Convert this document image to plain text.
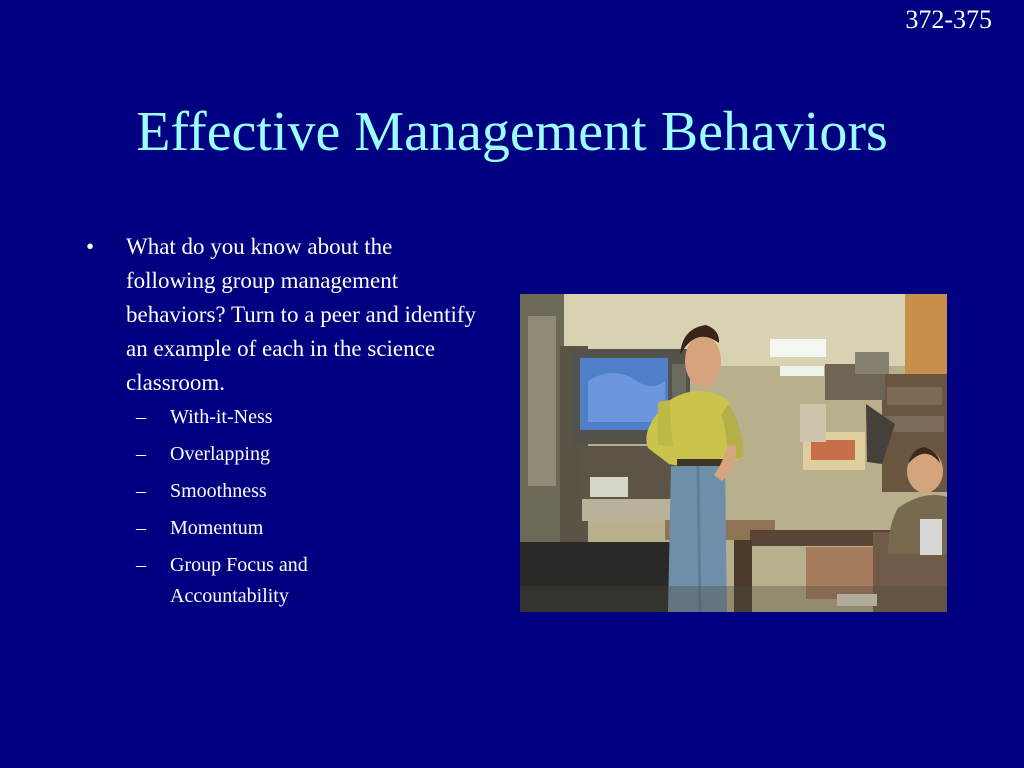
372-375
Effective Management Behaviors
•	What do you know about the following group management behaviors? Turn to a peer and identify an example of each in the science classroom.
–	With-it-Ness
–	Overlapping
–	Smoothness
–	Momentum
–	Group Focus and Accountability
